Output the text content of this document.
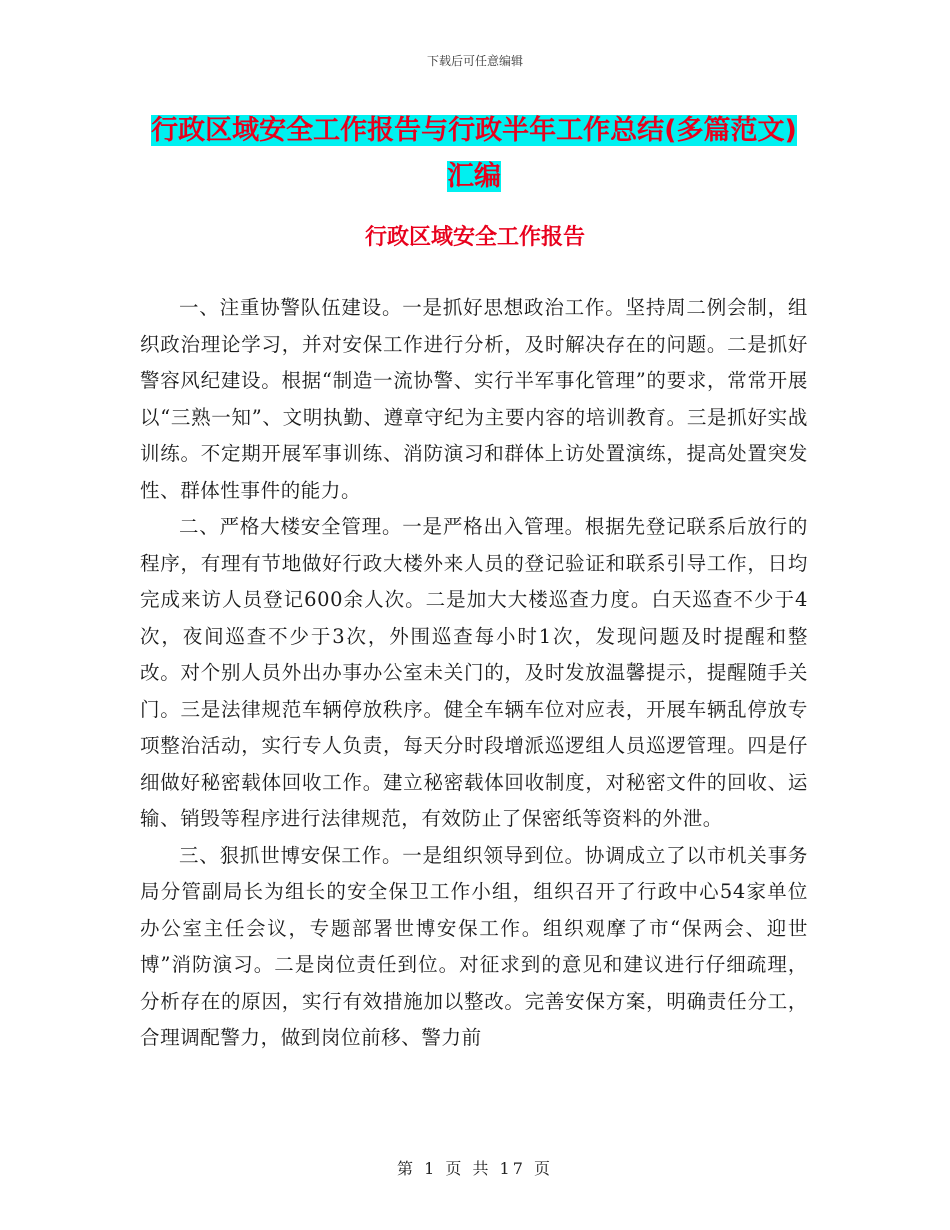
下载后可任意编辑
行政区域安全工作报告与行政半年工作总结(多篇范文)汇编
行政区域安全工作报告

一、注重协警队伍建设。一是抓好思想政治工作。坚持周二例会制，组织政治理论学习，并对安保工作进行分析，及时解决存在的问题。二是抓好警容风纪建设。根据“制造一流协警、实行半军事化管理”的要求，常常开展以“三熟一知”、文明执勤、遵章守纪为主要内容的培训教育。三是抓好实战训练。不定期开展军事训练、消防演习和群体上访处置演练，提高处置突发性、群体性事件的能力。

二、严格大楼安全管理。一是严格出入管理。根据先登记联系后放行的程序，有理有节地做好行政大楼外来人员的登记验证和联系引导工作，日均完成来访人员登记600余人次。二是加大大楼巡查力度。白天巡查不少于4次，夜间巡查不少于3次，外围巡查每小时1次，发现问题及时提醒和整改。对个别人员外出办事办公室未关门的，及时发放温馨提示，提醒随手关门。三是法律规范车辆停放秩序。健全车辆车位对应表，开展车辆乱停放专项整治活动，实行专人负责，每天分时段增派巡逻组人员巡逻管理。四是仔细做好秘密载体回收工作。建立秘密载体回收制度，对秘密文件的回收、运输、销毁等程序进行法律规范，有效防止了保密纸等资料的外泄。

三、狠抓世博安保工作。一是组织领导到位。协调成立了以市机关事务局分管副局长为组长的安全保卫工作小组，组织召开了行政中心54家单位办公室主任会议，专题部署世博安保工作。组织观摩了市“保两会、迎世博”消防演习。二是岗位责任到位。对征求到的意见和建议进行仔细疏理，分析存在的原因，实行有效措施加以整改。完善安保方案，明确责任分工，合理调配警力，做到岗位前移、警力前

第 1 页 共 17 页
